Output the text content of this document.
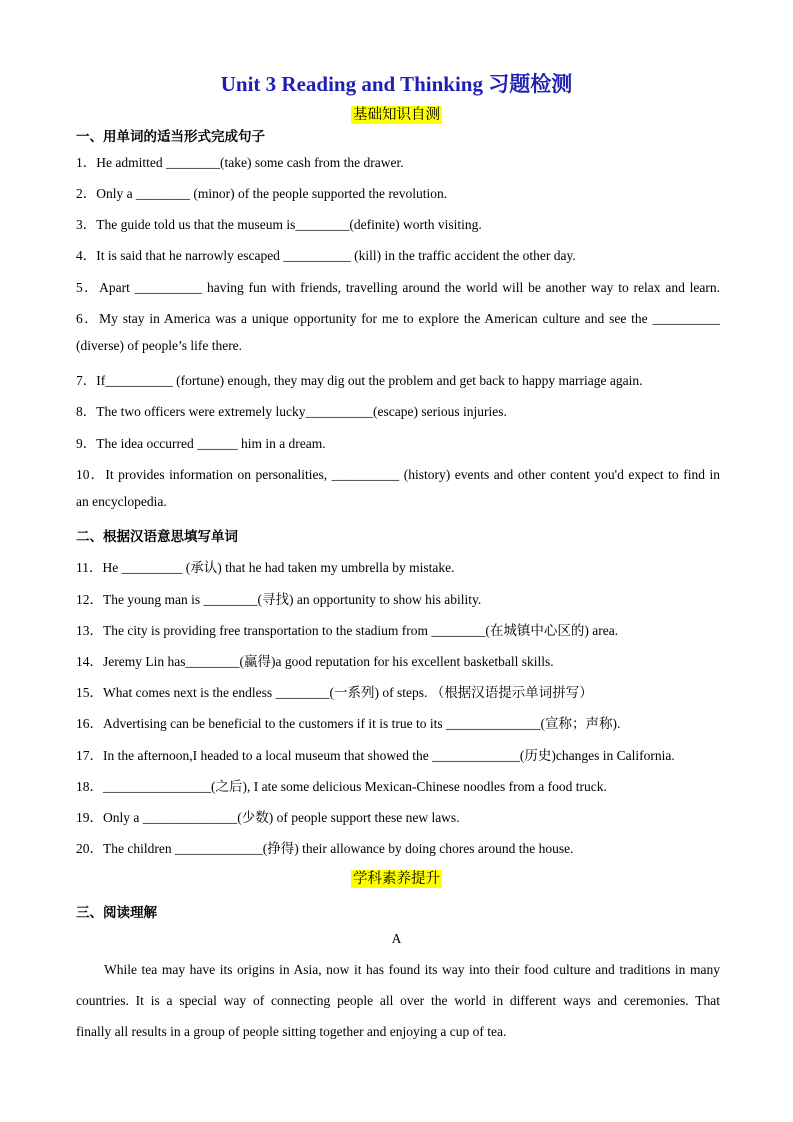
Unit 3 Reading and Thinking 习题检测
基础知识自测
一、用单词的适当形式完成句子
1．He admitted ________(take) some cash from the drawer.
2．Only a ________ (minor) of the people supported the revolution.
3．The guide told us that the museum is________(definite) worth visiting.
4．It is said that he narrowly escaped __________ (kill) in the traffic accident the other day.
5．Apart __________ having fun with friends, travelling around the world will be another way to relax and learn.
6．My stay in America was a unique opportunity for me to explore the American culture and see the __________
(diverse) of people’s life there.
7．If__________ (fortune) enough, they may dig out the problem and get back to happy marriage again.
8．The two officers were extremely lucky__________(escape) serious injuries.
9．The idea occurred ______ him in a dream.
10．It provides information on personalities, __________ (history) events and other content you'd expect to find in
an encyclopedia.
二、根据汉语意思填写单词
11．He _________ (承认) that he had taken my umbrella by mistake.
12．The young man is ________(寻找) an opportunity to show his ability.
13．The city is providing free transportation to the stadium from ________(在城镇中心区的) area.
14．Jeremy Lin has________(赢得)a good reputation for his excellent basketball skills.
15．What comes next is the endless ________(一系列) of steps. （根据汉语提示单词拼写）
16．Advertising can be beneficial to the customers if it is true to its ______________(宣称；声称).
17．In the afternoon,I headed to a local museum that showed the _____________(历史)changes in California.
18．________________(之后), I ate some delicious Mexican-Chinese noodles from a food truck.
19．Only a ______________(少数) of people support these new laws.
20．The children _____________(挣得) their allowance by doing chores around the house.
学科素养提升
三、阅读理解
A
While tea may have its origins in Asia, now it has found its way into their food culture and traditions in many
countries. It is a special way of connecting people all over the world in different ways and ceremonies. That
finally all results in a group of people sitting together and enjoying a cup of tea.
